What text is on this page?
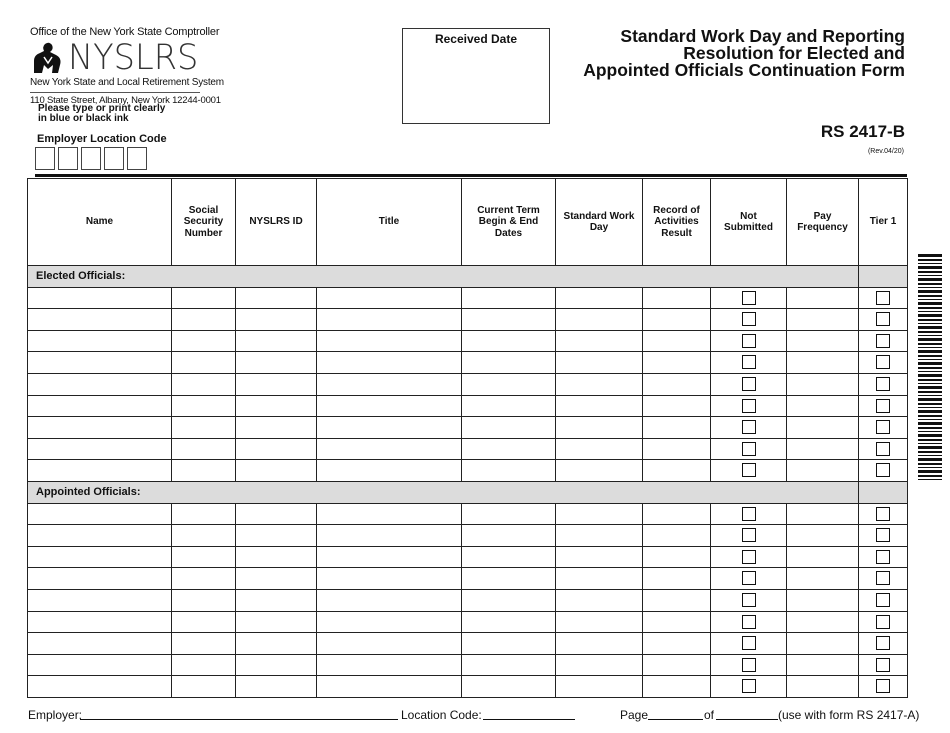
Office of the New York State Comptroller
NYSLRS
New York State and Local Retirement System
110 State Street, Albany, New York 12244-0001
Please type or print clearly
in blue or black ink
Employer Location Code
Received Date	Standard Work Day and Reporting
Resolution for Elected and
Appointed Officials Continuation Form
RS 2417-B
(Rev.04/20)
Name	Social Security Number	NYSLRS ID	Title	Current Term Begin & End Dates	Standard Work Day	Record of Activities Result	Not Submitted	Pay Frequency	Tier 1
Elected Officials:									

Appointed Officials:									

Employer:	Location Code:	Page	of	(use with form RS 2417-A)
